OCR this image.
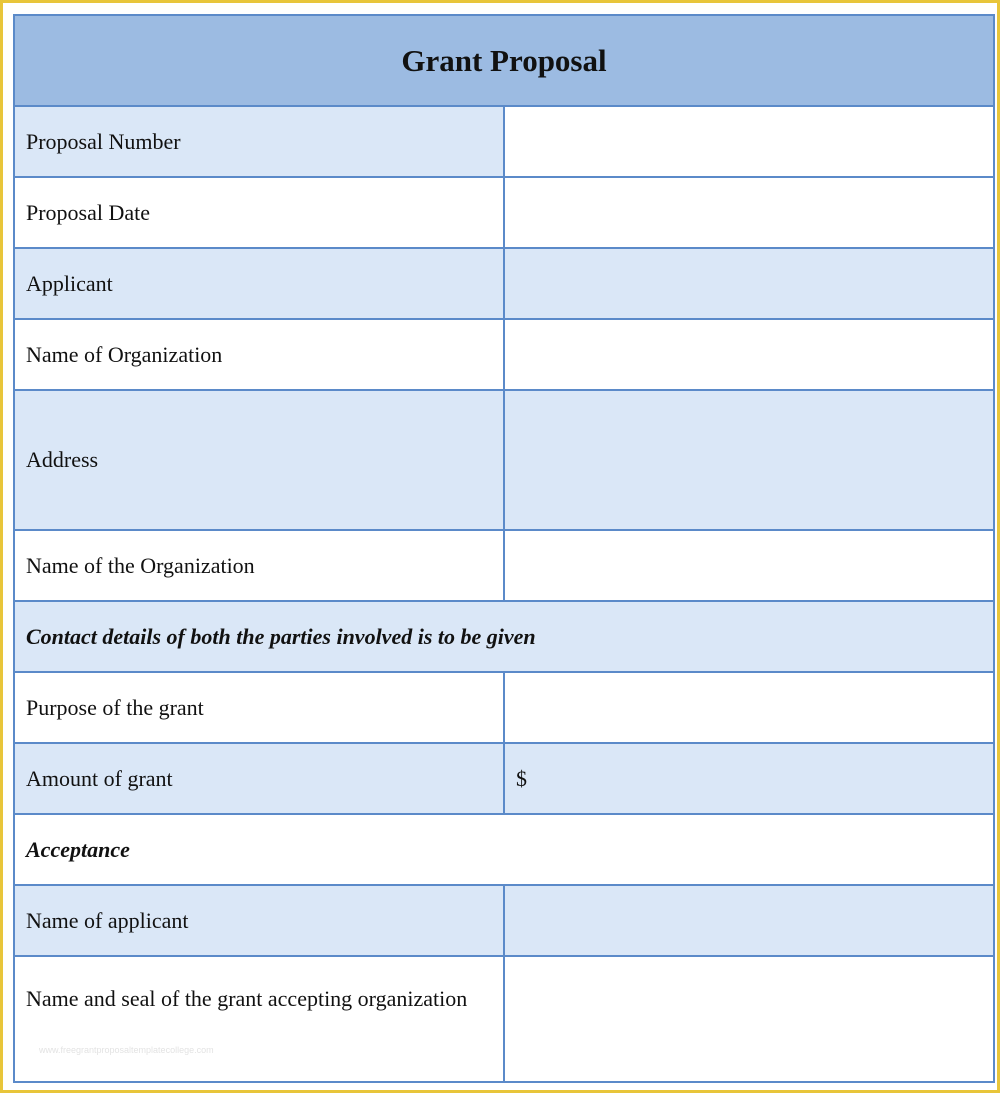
Grant Proposal	
Proposal Number	
Proposal Date	
Applicant	
Name of Organization	
Address	
Name of the Organization	
Contact details of both the parties involved is to be given	
Purpose of the grant	
Amount of grant	$
Acceptance	
Name of applicant	
Name and seal of the grant accepting organization	
www.freegrantproposaltemplatecollege.com
